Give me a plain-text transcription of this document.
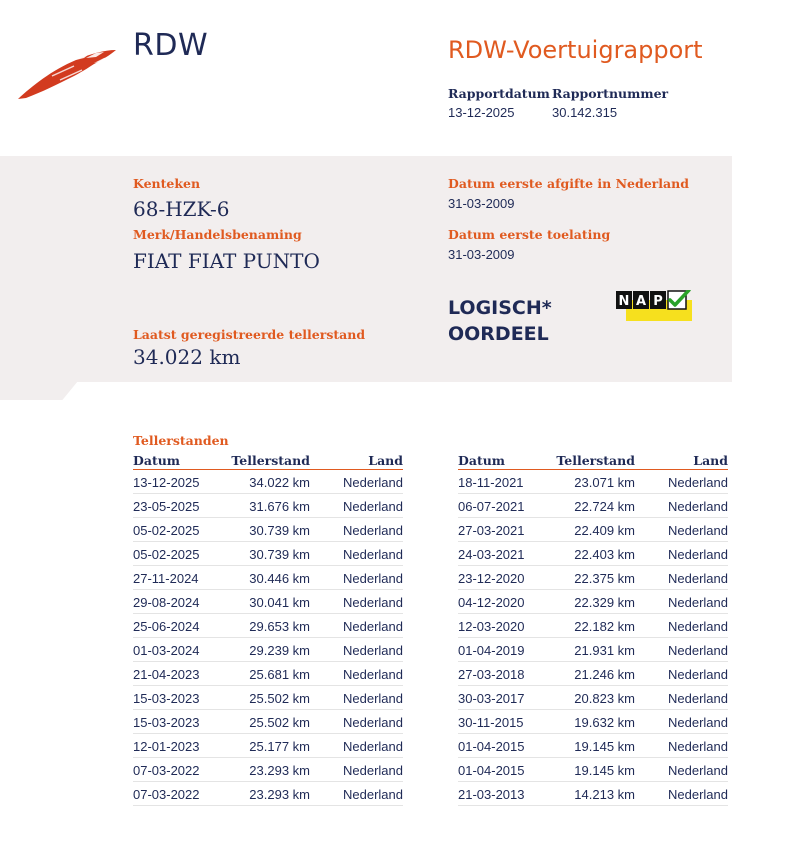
RDW	RDW-Voertuigrapport
Rapportdatum
13-12-2025
Rapportnummer
30.142.315
Kenteken
68-HZK-6
Merk/Handelsbenaming
FIAT FIAT PUNTO
Datum eerste afgifte in Nederland
31-03-2009
Datum eerste toelating
31-03-2009
LOGISCH*
OORDEEL
N A P
Laatst geregistreerde tellerstand
34.022 km
Tellerstanden
Datum	Tellerstand	Land
13-12-2025	34.022 km	Nederland
23-05-2025	31.676 km	Nederland
05-02-2025	30.739 km	Nederland
05-02-2025	30.739 km	Nederland
27-11-2024	30.446 km	Nederland
29-08-2024	30.041 km	Nederland
25-06-2024	29.653 km	Nederland
01-03-2024	29.239 km	Nederland
21-04-2023	25.681 km	Nederland
15-03-2023	25.502 km	Nederland
15-03-2023	25.502 km	Nederland
12-01-2023	25.177 km	Nederland
07-03-2022	23.293 km	Nederland
07-03-2022	23.293 km	Nederland
Datum	Tellerstand	Land
18-11-2021	23.071 km	Nederland
06-07-2021	22.724 km	Nederland
27-03-2021	22.409 km	Nederland
24-03-2021	22.403 km	Nederland
23-12-2020	22.375 km	Nederland
04-12-2020	22.329 km	Nederland
12-03-2020	22.182 km	Nederland
01-04-2019	21.931 km	Nederland
27-03-2018	21.246 km	Nederland
30-03-2017	20.823 km	Nederland
30-11-2015	19.632 km	Nederland
01-04-2015	19.145 km	Nederland
01-04-2015	19.145 km	Nederland
21-03-2013	14.213 km	Nederland
